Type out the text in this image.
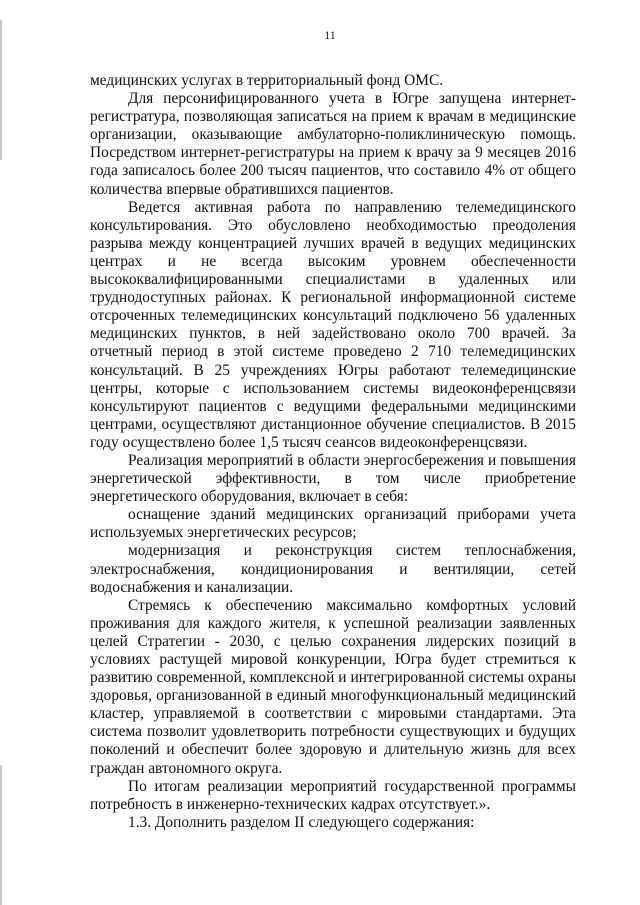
11

медицинских услугах в территориальный фонд ОМС.

Для персонифицированного учета в Югре запущена интернет-регистратура, позволяющая записаться на прием к врачам в медицинские организации, оказывающие амбулаторно-поликлиническую помощь. Посредством интернет-регистратуры на прием к врачу за 9 месяцев 2016 года записалось более 200 тысяч пациентов, что составило 4% от общего количества впервые обратившихся пациентов.

Ведется активная работа по направлению телемедицинского консультирования. Это обусловлено необходимостью преодоления разрыва между концентрацией лучших врачей в ведущих медицинских центрах и не всегда высоким уровнем обеспеченности высококвалифицированными специалистами в удаленных или труднодоступных районах. К региональной информационной системе отсроченных телемедицинских консультаций подключено 56 удаленных медицинских пунктов, в ней задействовано около 700 врачей. За отчетный период в этой системе проведено 2 710 телемедицинских консультаций. В 25 учреждениях Югры работают телемедицинские центры, которые с использованием системы видеоконференцсвязи консультируют пациентов с ведущими федеральными медицинскими центрами, осуществляют дистанционное обучение специалистов. В 2015 году осуществлено более 1,5 тысяч сеансов видеоконференцсвязи.

Реализация мероприятий в области энергосбережения и повышения энергетической эффективности, в том числе приобретение энергетического оборудования, включает в себя:

оснащение зданий медицинских организаций приборами учета используемых энергетических ресурсов;

модернизация и реконструкция систем теплоснабжения, электроснабжения, кондиционирования и вентиляции, сетей водоснабжения и канализации.

Стремясь к обеспечению максимально комфортных условий проживания для каждого жителя, к успешной реализации заявленных целей Стратегии - 2030, с целью сохранения лидерских позиций в условиях растущей мировой конкуренции, Югра будет стремиться к развитию современной, комплексной и интегрированной системы охраны здоровья, организованной в единый многофункциональный медицинский кластер, управляемой в соответствии с мировыми стандартами. Эта система позволит удовлетворить потребности существующих и будущих поколений и обеспечит более здоровую и длительную жизнь для всех граждан автономного округа.

По итогам реализации мероприятий государственной программы потребность в инженерно-технических кадрах отсутствует.».

1.3. Дополнить разделом II следующего содержания:
